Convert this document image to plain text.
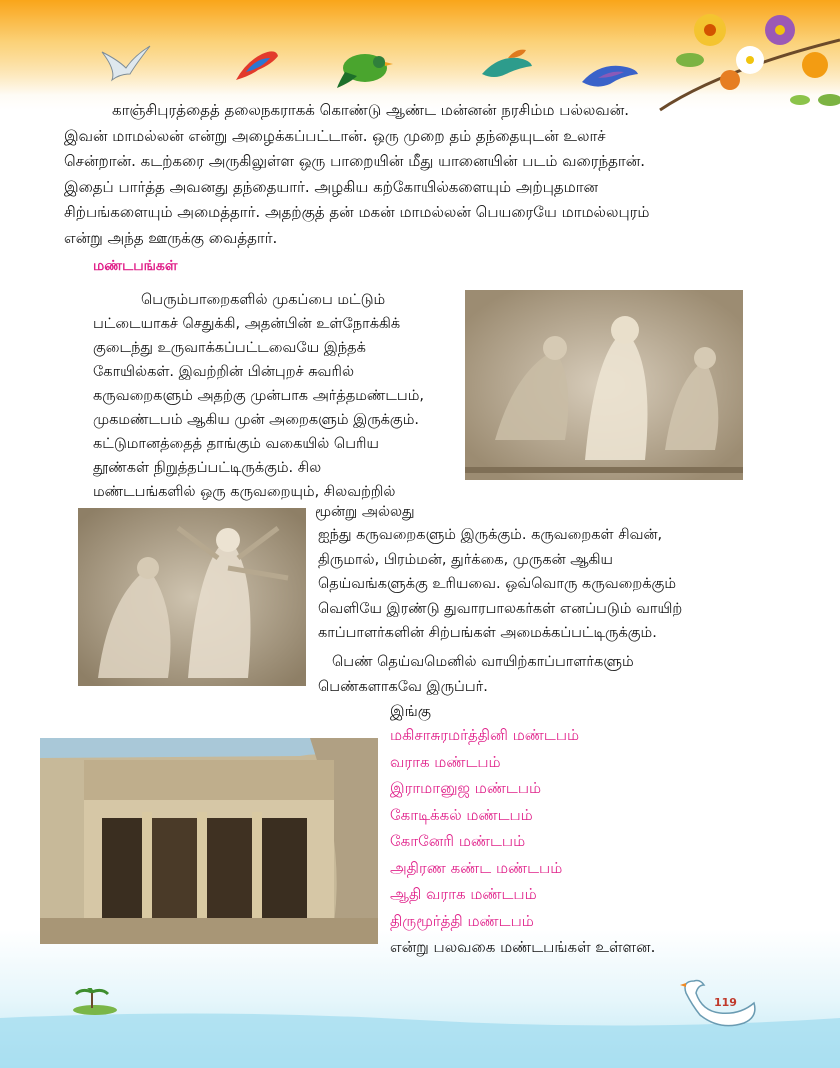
காஞ்சிபுரத்தைத் தலைநகராகக் கொண்டு ஆண்ட மன்னன் நரசிம்ம பல்லவன்.

இவன் மாமல்லன் என்று அழைக்கப்பட்டான். ஒரு முறை தம் தந்தையுடன் உலாச்

சென்றான். கடற்கரை அருகிலுள்ள ஒரு பாறையின் மீது யானையின் படம் வரைந்தான்.

இதைப் பார்த்த அவனது தந்தையார். அழகிய கற்கோயில்களையும் அற்புதமான

சிற்பங்களையும் அமைத்தார். அதற்குத் தன் மகன் மாமல்லன் பெயரையே மாமல்லபுரம்

என்று அந்த ஊருக்கு வைத்தார்.

மண்டபங்கள்

பெரும்பாறைகளில் முகப்பை மட்டும்

பட்டையாகச் செதுக்கி, அதன்பின் உள்நோக்கிக்

குடைந்து உருவாக்கப்பட்டவையே இந்தக்

கோயில்கள். இவற்றின் பின்புறச் சுவரில்

கருவறைகளும் அதற்கு முன்பாக அர்த்தமண்டபம்,

முகமண்டபம் ஆகிய முன் அறைகளும் இருக்கும்.

கட்டுமானத்தைத் தாங்கும் வகையில் பெரிய

தூண்கள் நிறுத்தப்பட்டிருக்கும். சில

மண்டபங்களில் ஒரு கருவறையும், சிலவற்றில்

மூன்று அல்லது

ஐந்து கருவறைகளும் இருக்கும். கருவறைகள் சிவன்,

திருமால், பிரம்மன், துர்க்கை, முருகன் ஆகிய

தெய்வங்களுக்கு உரியவை. ஒவ்வொரு கருவறைக்கும்

வெளியே இரண்டு துவாரபாலகர்கள் எனப்படும் வாயிற்

காப்பாளர்களின் சிற்பங்கள் அமைக்கப்பட்டிருக்கும்.

பெண் தெய்வமெனில் வாயிற்காப்பாளர்களும்

பெண்களாகவே இருப்பர்.

இங்கு
மகிசாசுரமர்த்தினி மண்டபம்
வராக மண்டபம்
இராமானுஜ மண்டபம்
கோடிக்கல் மண்டபம்
கோனேரி மண்டபம்
அதிரண கண்ட மண்டபம்
ஆதி வராக மண்டபம்
திருமூர்த்தி மண்டபம்
என்று பலவகை மண்டபங்கள் உள்ளன.
119
